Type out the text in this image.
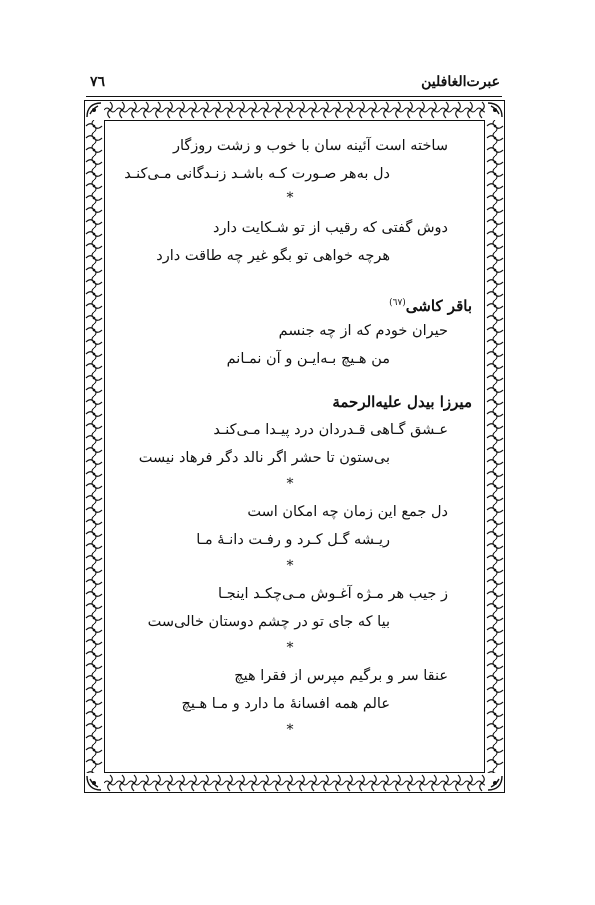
عبرت‌الغافلین
٧٦
ساخته است آئینه سان با خوب و زشت روزگار
دل به‌هر صـورت کـه باشـد زنـدگانی مـی‌کنـد
*
دوش گفتی که رقیب از تو شـکایت دارد
هرچه خواهی تو بگو غیر چه طاقت دارد
باقر کاشی$^{(٦٧)}$
حیران خودم که از چه جنسم
من هـیچ بـه‌ایـن و آن نمـانم
میرزا بیدل علیه‌الرحمة
عـشق گـاهی قـدردان درد پیـدا مـی‌کنـد
بی‌ستون تا حشر اگر نالد دگر فرهاد نیست
*
دل جمع این زمان چه امکان است
ریـشه گـل کـرد و رفـت دانـهٔ مـا
*
ز جیب هر مـژه آغـوش مـی‌چکـد اینجـا
بیا که جای تو در چشم دوستان خالی‌ست
*
عنقا سر و برگیم مپرس از فقرا هیچ
عالم همه افسانهٔ ما دارد و مـا هـیچ
*
